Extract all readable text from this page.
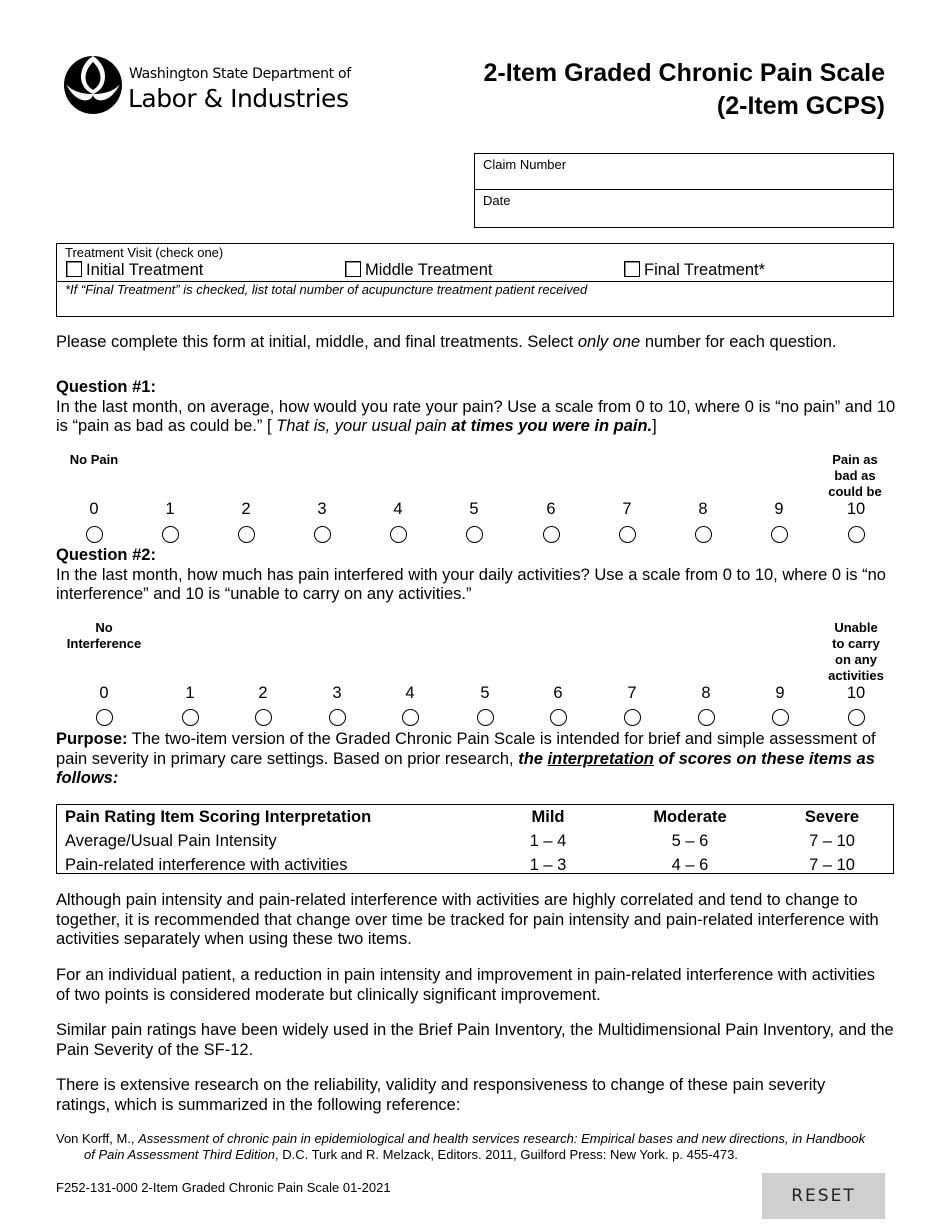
Washington State Department of
Labor & Industries
2-Item Graded Chronic Pain Scale
(2-Item GCPS)
Claim Number
Date
Treatment Visit (check one)
Initial Treatment	Middle Treatment	Final Treatment*
*If “Final Treatment” is checked, list total number of acupuncture treatment patient received
Please complete this form at initial, middle, and final treatments. Select only one number for each question.
Question #1:
In the last month, on average, how would you rate your pain? Use a scale from 0 to 10, where 0 is “no pain” and 10 is “pain as bad as could be.” [ That is, your usual pain at times you were in pain.]
No Pain	Pain as
bad as
could be
0	1	2	3	4	5	6	7	8	9	10
Question #2:
In the last month, how much has pain interfered with your daily activities? Use a scale from 0 to 10, where 0 is “no interference” and 10 is “unable to carry on any activities.”
No
Interference
Unable
to carry
on any
activities
0	1	2	3	4	5	6	7	8	9	10
Purpose: The two-item version of the Graded Chronic Pain Scale is intended for brief and simple assessment of pain severity in primary care settings. Based on prior research, the interpretation of scores on these items as follows:
Pain Rating Item Scoring Interpretation	Mild	Moderate	Severe
Average/Usual Pain Intensity	1 – 4	5 – 6	7 – 10
Pain-related interference with activities	1 – 3	4 – 6	7 – 10
Although pain intensity and pain-related interference with activities are highly correlated and tend to change to together, it is recommended that change over time be tracked for pain intensity and pain-related interference with activities separately when using these two items.
For an individual patient, a reduction in pain intensity and improvement in pain-related interference with activities of two points is considered moderate but clinically significant improvement.
Similar pain ratings have been widely used in the Brief Pain Inventory, the Multidimensional Pain Inventory, and the Pain Severity of the SF-12.
There is extensive research on the reliability, validity and responsiveness to change of these pain severity ratings, which is summarized in the following reference:
Von Korff, M., Assessment of chronic pain in epidemiological and health services research: Empirical bases and new directions, in Handbook of Pain Assessment Third Edition, D.C. Turk and R. Melzack, Editors. 2011, Guilford Press: New York. p. 455-473.
F252-131-000 2-Item Graded Chronic Pain Scale 01-2021	RESET
